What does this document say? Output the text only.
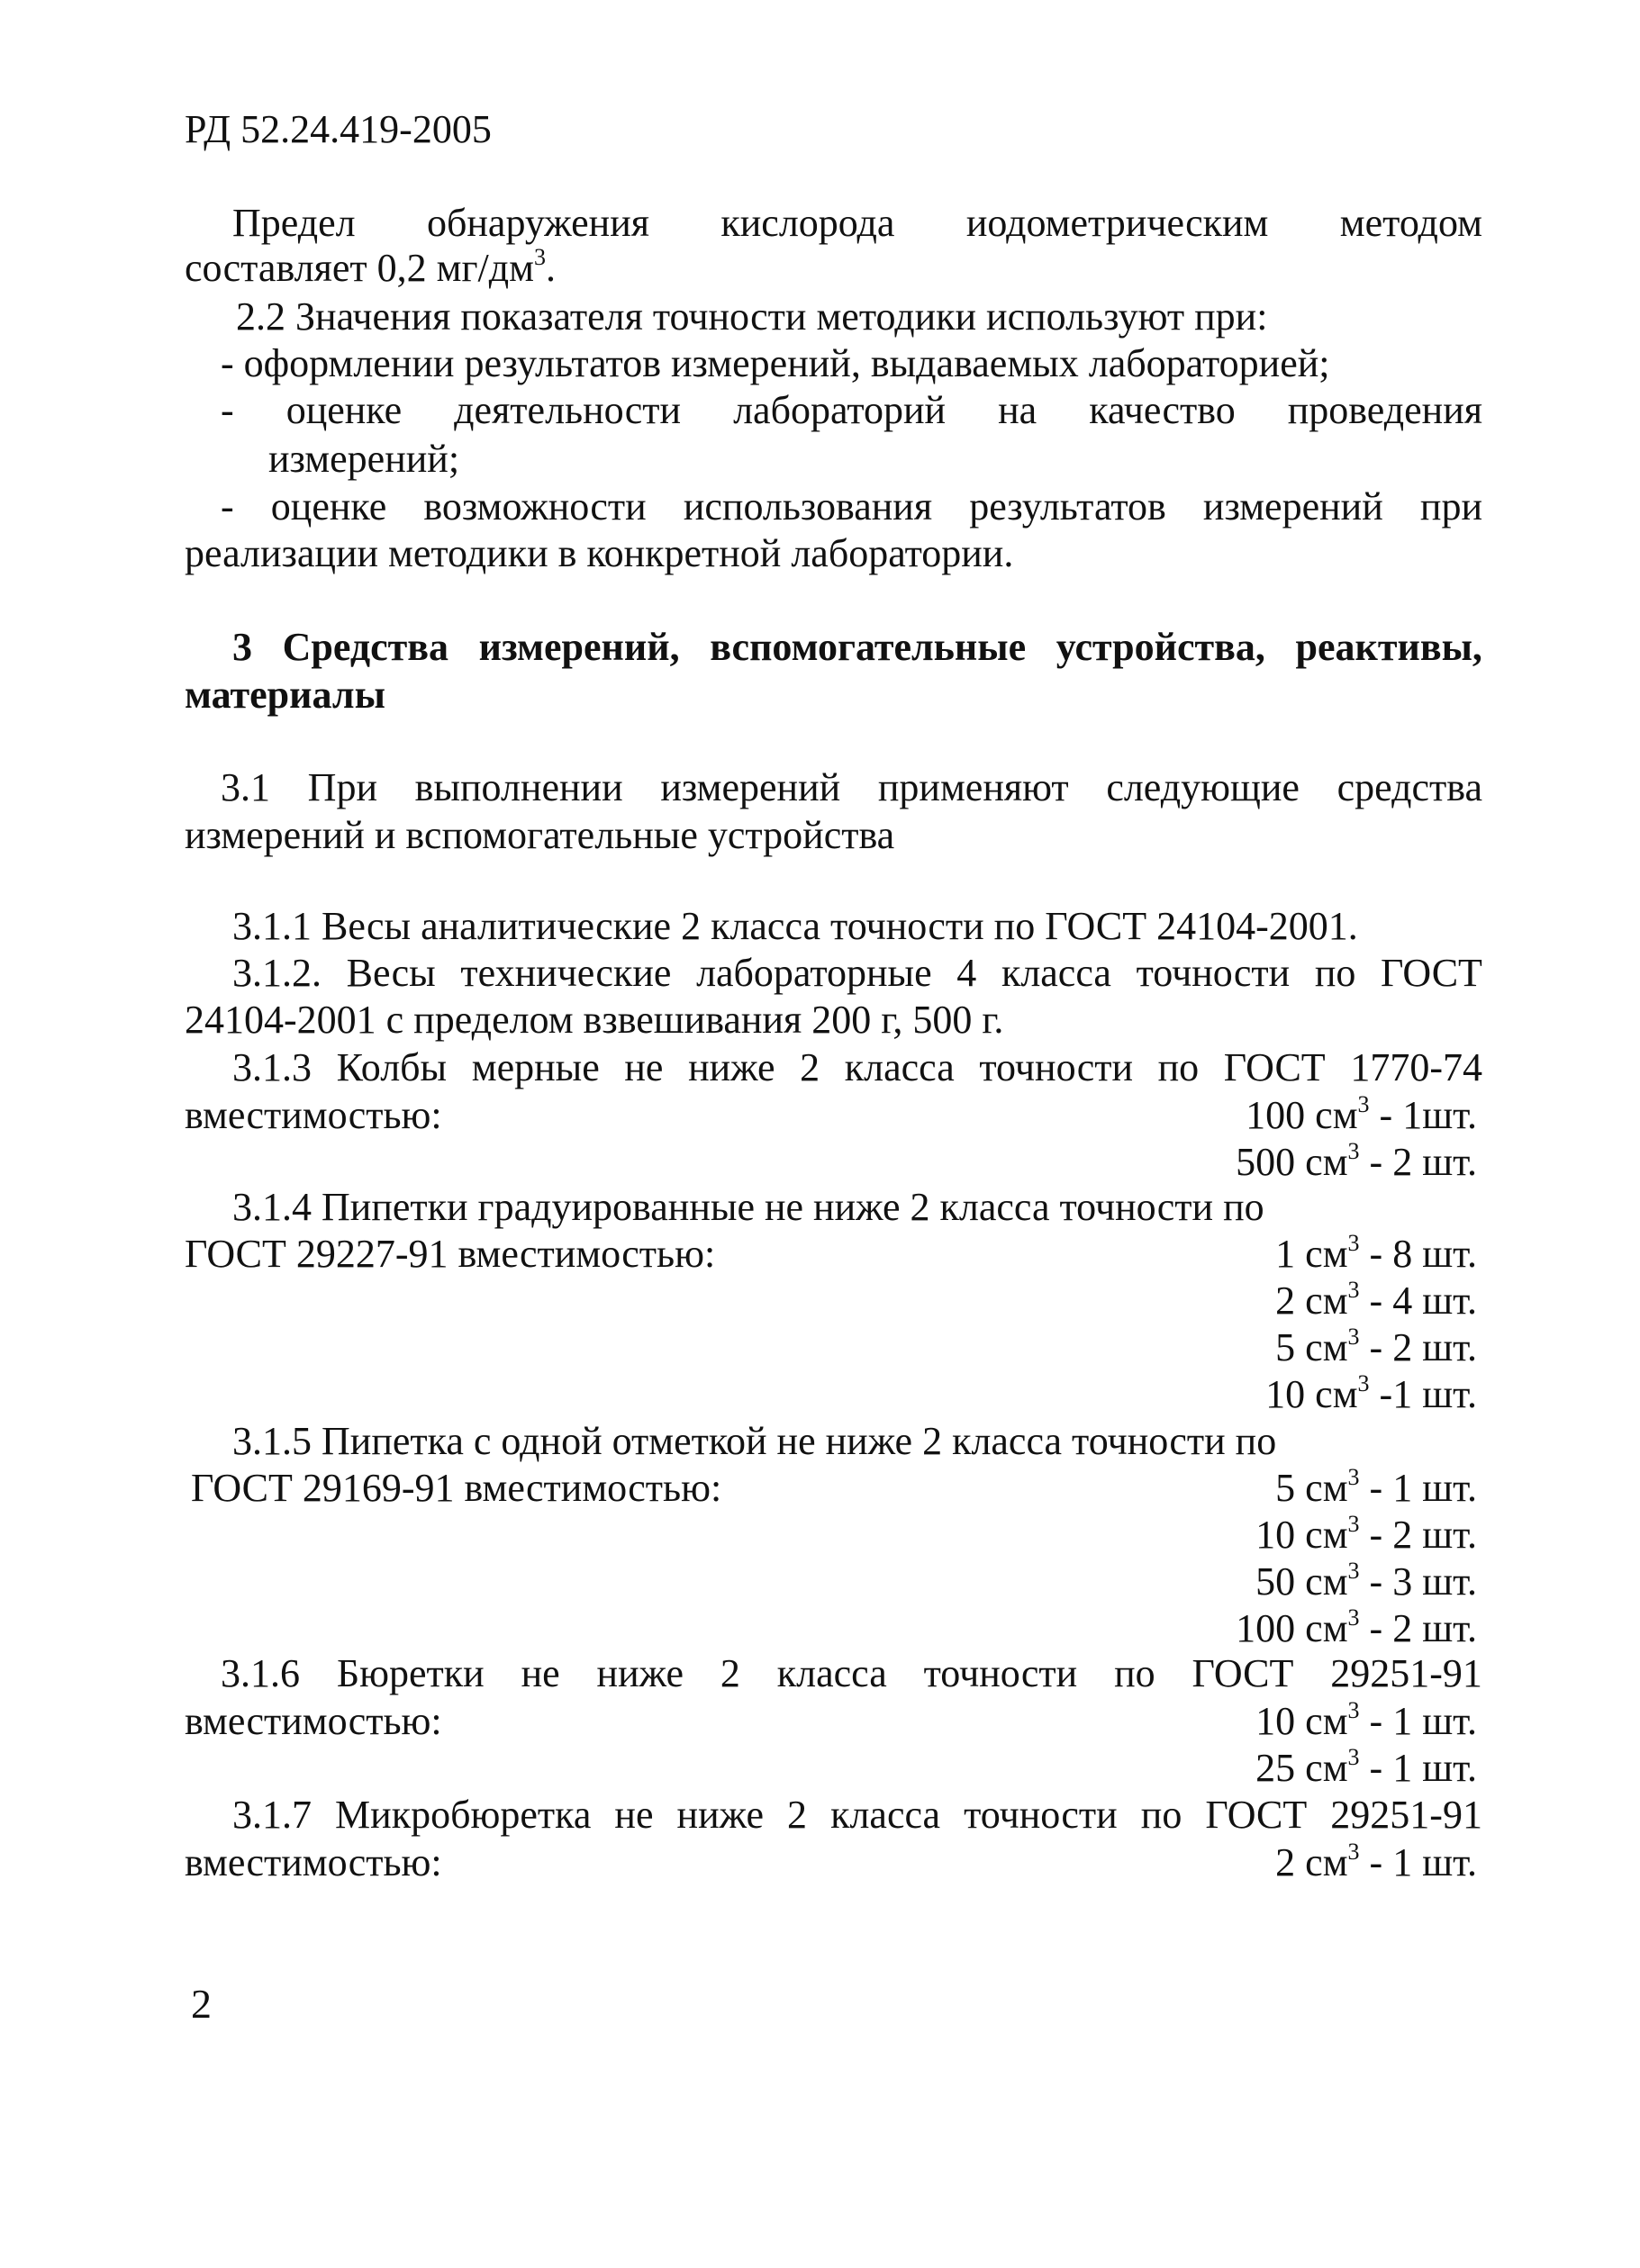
РД 52.24.419-2005
Предел обнаружения кислорода иодометрическим методом
составляет 0,2 $мг/дм^3$.
2.2 Значения показателя точности методики используют при:
- оформлении результатов измерений, выдаваемых лабораторией;
- оценке деятельности лабораторий на качество проведения
измерений;
- оценке возможности использования результатов измерений при
реализации методики в конкретной лаборатории.
3 Средства измерений, вспомогательные устройства, реактивы,
материалы
3.1 При выполнении измерений применяют следующие средства
измерений и вспомогательные устройства
3.1.1 Весы аналитические 2 класса точности по ГОСТ 24104-2001.
3.1.2. Весы технические лабораторные 4 класса точности по ГОСТ
24104-2001 с пределом взвешивания 200 г, 500 г.
3.1.3 Колбы мерные не ниже 2 класса точности по ГОСТ 1770-74
вместимостью:
3.1.4 Пипетки градуированные не ниже 2 класса точности по
ГОСТ 29227-91 вместимостью:
3.1.5 Пипетка с одной отметкой не ниже 2 класса точности по
ГОСТ 29169-91 вместимостью:
3.1.6 Бюретки не ниже 2 класса точности по ГОСТ 29251-91
вместимостью:
3.1.7 Микробюретка не ниже 2 класса точности по ГОСТ 29251-91
вместимостью:
2
100 $см^3 - 1шт$.
500 $см^3 - 2$ шт.
1 $см^3 - 8$ шт.
2 $см^3 - 4$ шт.
5 $см^3 - 2$ шт.
10 $см^3$ -1 шт.
5 $см^3 - 1$ шт.
10 $см^3 - 2$ шт.
50 $см^3 - 3$ шт.
100 $см^3 - 2$ шт.
10 $см^3 - 1$ шт.
25 $см^3 - 1$ шт.
2 $см^3 - 1$ шт.
